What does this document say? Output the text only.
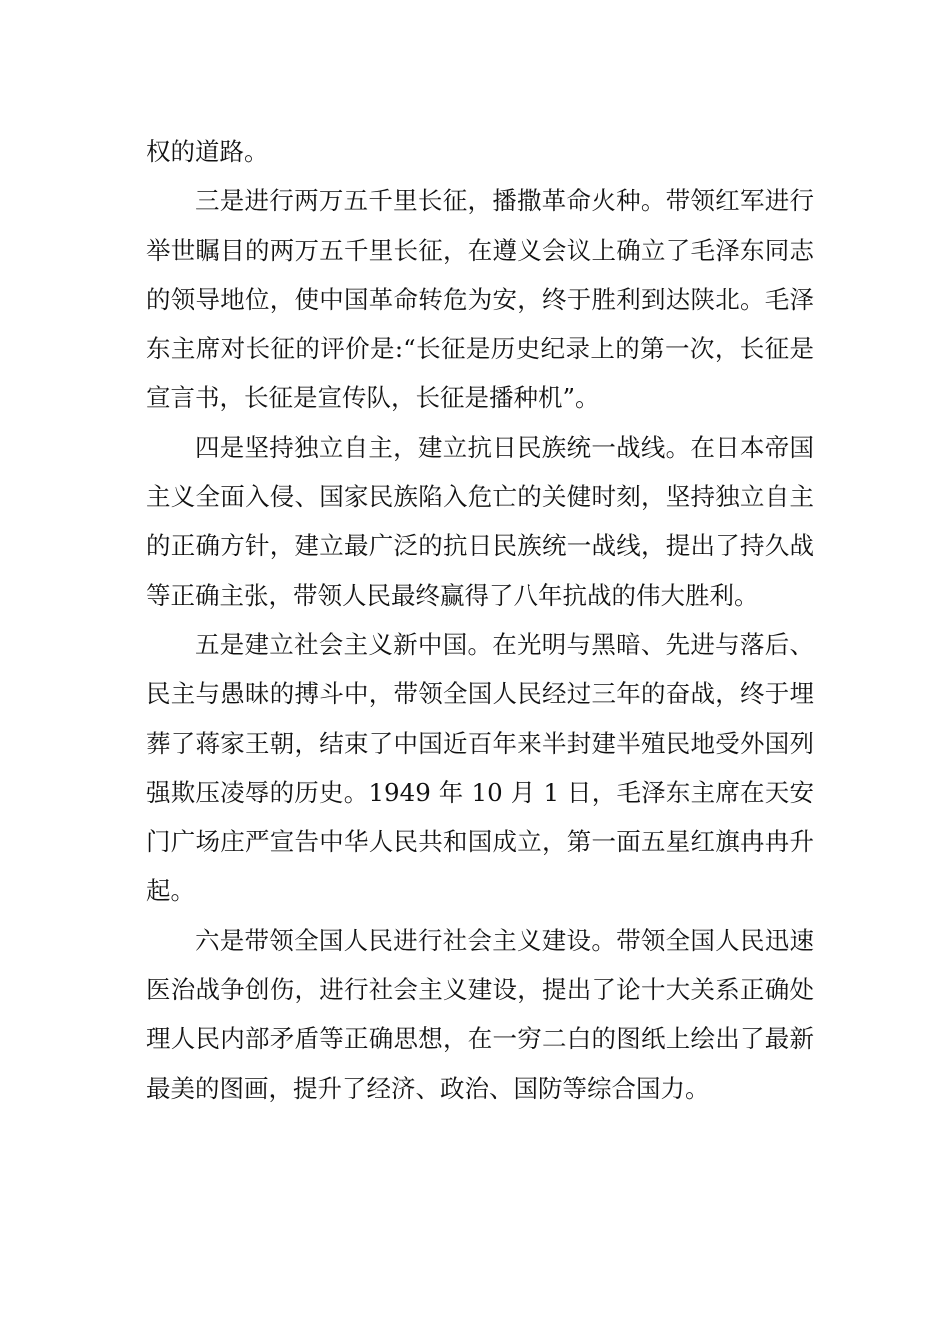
权的道路。

三是进行两万五千里长征，播撒革命火种。带领红军进行举世瞩目的两万五千里长征，在遵义会议上确立了毛泽东同志的领导地位，使中国革命转危为安，终于胜利到达陕北。毛泽东主席对长征的评价是:“长征是历史纪录上的第一次，长征是宣言书，长征是宣传队，长征是播种机”。

四是坚持独立自主，建立抗日民族统一战线。在日本帝国主义全面入侵、国家民族陷入危亡的关健时刻，坚持独立自主的正确方针，建立最广泛的抗日民族统一战线，提出了持久战等正确主张，带领人民最终赢得了八年抗战的伟大胜利。

五是建立社会主义新中国。在光明与黑暗、先进与落后、民主与愚昧的搏斗中，带领全国人民经过三年的奋战，终于埋葬了蒋家王朝，结束了中国近百年来半封建半殖民地受外国列强欺压凌辱的历史。1949 年 10 月 1 日，毛泽东主席在天安门广场庄严宣告中华人民共和国成立，第一面五星红旗冉冉升起。

六是带领全国人民进行社会主义建设。带领全国人民迅速医治战争创伤，进行社会主义建设，提出了论十大关系正确处理人民内部矛盾等正确思想，在一穷二白的图纸上绘出了最新最美的图画，提升了经济、政治、国防等综合国力。
